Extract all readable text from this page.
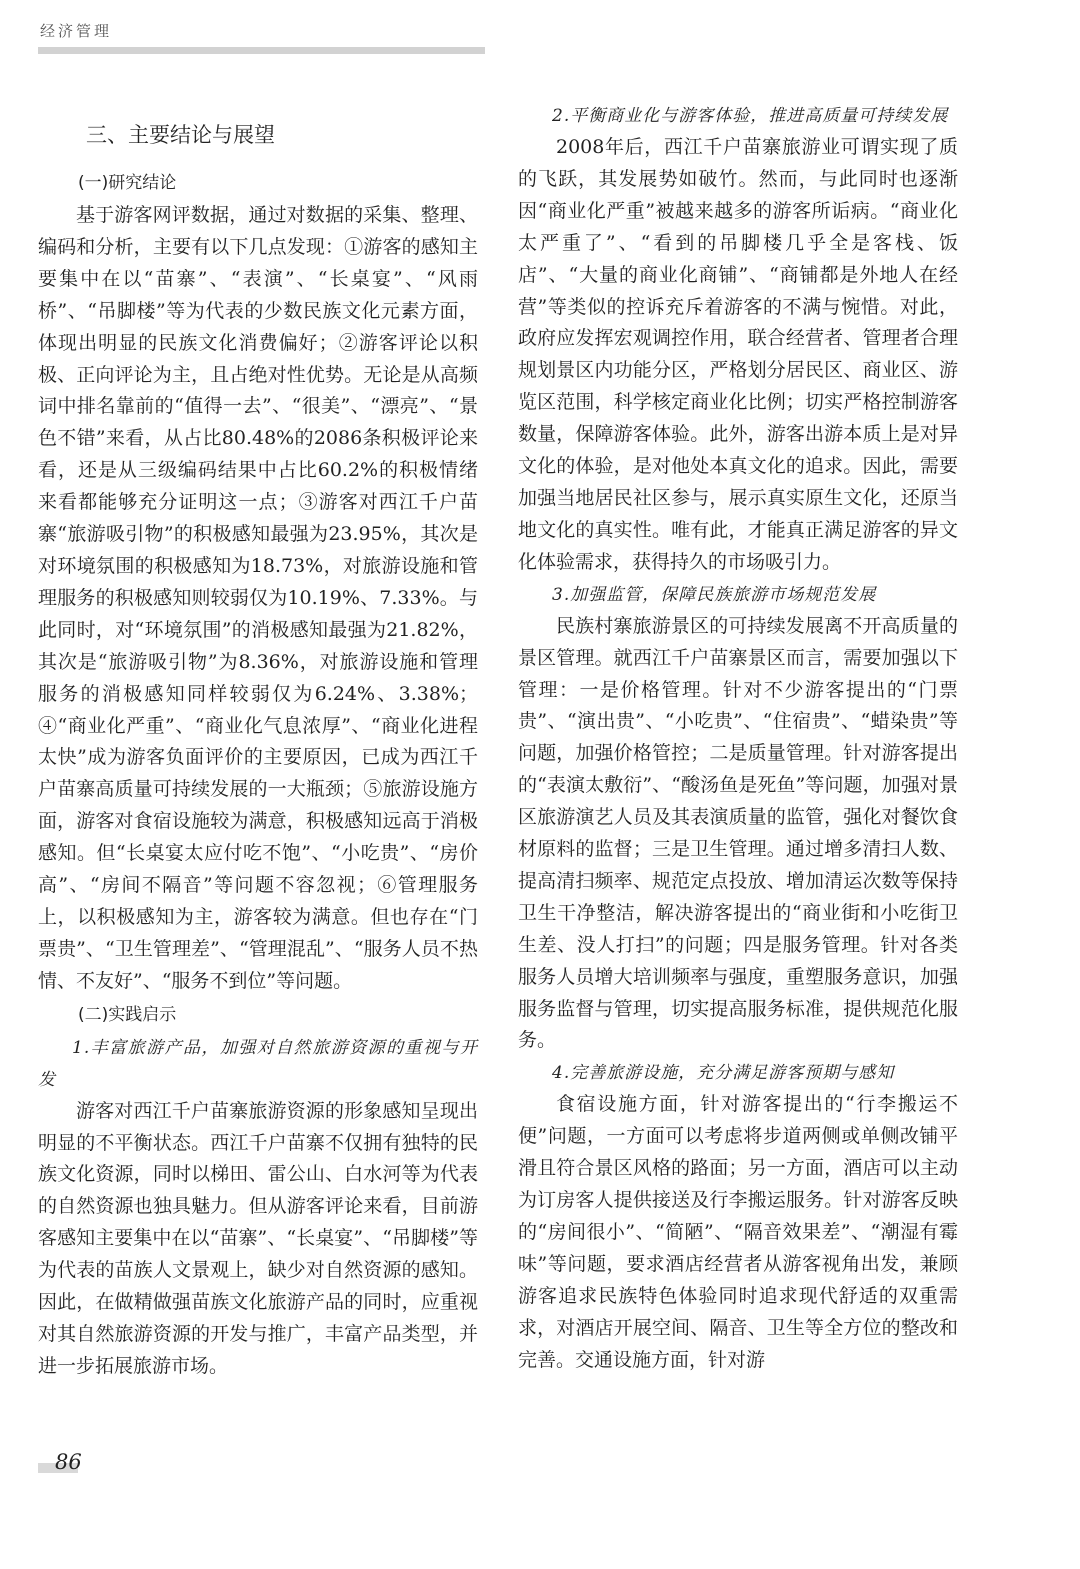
经济管理
三、主要结论与展望
(一)研究结论

基于游客网评数据，通过对数据的采集、整理、编码和分析，主要有以下几点发现：①游客的感知主要集中在以“苗寨”、“表演”、“长桌宴”、“风雨桥”、“吊脚楼”等为代表的少数民族文化元素方面，体现出明显的民族文化消费偏好；②游客评论以积极、正向评论为主，且占绝对性优势。无论是从高频词中排名靠前的“值得一去”、“很美”、“漂亮”、“景色不错”来看，从占比80.48%的2086条积极评论来看，还是从三级编码结果中占比60.2%的积极情绪来看都能够充分证明这一点；③游客对西江千户苗寨“旅游吸引物”的积极感知最强为23.95%，其次是对环境氛围的积极感知为18.73%，对旅游设施和管理服务的积极感知则较弱仅为10.19%、7.33%。与此同时，对“环境氛围”的消极感知最强为21.82%，其次是“旅游吸引物”为8.36%，对旅游设施和管理服务的消极感知同样较弱仅为6.24%、3.38%；④“商业化严重”、“商业化气息浓厚”、“商业化进程太快”成为游客负面评价的主要原因，已成为西江千户苗寨高质量可持续发展的一大瓶颈；⑤旅游设施方面，游客对食宿设施较为满意，积极感知远高于消极感知。但“长桌宴太应付吃不饱”、“小吃贵”、“房价高”、“房间不隔音”等问题不容忽视；⑥管理服务上，以积极感知为主，游客较为满意。但也存在“门票贵”、“卫生管理差”、“管理混乱”、“服务人员不热情、不友好”、“服务不到位”等问题。

(二)实践启示

1.丰富旅游产品，加强对自然旅游资源的重视与开发

游客对西江千户苗寨旅游资源的形象感知呈现出明显的不平衡状态。西江千户苗寨不仅拥有独特的民族文化资源，同时以梯田、雷公山、白水河等为代表的自然资源也独具魅力。但从游客评论来看，目前游客感知主要集中在以“苗寨”、“长桌宴”、“吊脚楼”等为代表的苗族人文景观上，缺少对自然资源的感知。因此，在做精做强苗族文化旅游产品的同时，应重视对其自然旅游资源的开发与推广，丰富产品类型，并进一步拓展旅游市场。

2.平衡商业化与游客体验，推进高质量可持续发展

2008年后，西江千户苗寨旅游业可谓实现了质的飞跃，其发展势如破竹。然而，与此同时也逐渐因“商业化严重”被越来越多的游客所诟病。“商业化太严重了”、“看到的吊脚楼几乎全是客栈、饭店”、“大量的商业化商铺”、“商铺都是外地人在经营”等类似的控诉充斥着游客的不满与惋惜。对此，政府应发挥宏观调控作用，联合经营者、管理者合理规划景区内功能分区，严格划分居民区、商业区、游览区范围，科学核定商业化比例；切实严格控制游客数量，保障游客体验。此外，游客出游本质上是对异文化的体验，是对他处本真文化的追求。因此，需要加强当地居民社区参与，展示真实原生文化，还原当地文化的真实性。唯有此，才能真正满足游客的异文化体验需求，获得持久的市场吸引力。

3.加强监管，保障民族旅游市场规范发展

民族村寨旅游景区的可持续发展离不开高质量的景区管理。就西江千户苗寨景区而言，需要加强以下管理：一是价格管理。针对不少游客提出的“门票贵”、“演出贵”、“小吃贵”、“住宿贵”、“蜡染贵”等问题，加强价格管控；二是质量管理。针对游客提出的“表演太敷衍”、“酸汤鱼是死鱼”等问题，加强对景区旅游演艺人员及其表演质量的监管，强化对餐饮食材原料的监督；三是卫生管理。通过增多清扫人数、提高清扫频率、规范定点投放、增加清运次数等保持卫生干净整洁，解决游客提出的“商业街和小吃街卫生差、没人打扫”的问题；四是服务管理。针对各类服务人员增大培训频率与强度，重塑服务意识，加强服务监督与管理，切实提高服务标准，提供规范化服务。

4.完善旅游设施，充分满足游客预期与感知

食宿设施方面，针对游客提出的“行李搬运不便”问题，一方面可以考虑将步道两侧或单侧改铺平滑且符合景区风格的路面；另一方面，酒店可以主动为订房客人提供接送及行李搬运服务。针对游客反映的“房间很小”、“简陋”、“隔音效果差”、“潮湿有霉味”等问题，要求酒店经营者从游客视角出发，兼顾游客追求民族特色体验同时追求现代舒适的双重需求，对酒店开展空间、隔音、卫生等全方位的整改和完善。交通设施方面，针对游

86
